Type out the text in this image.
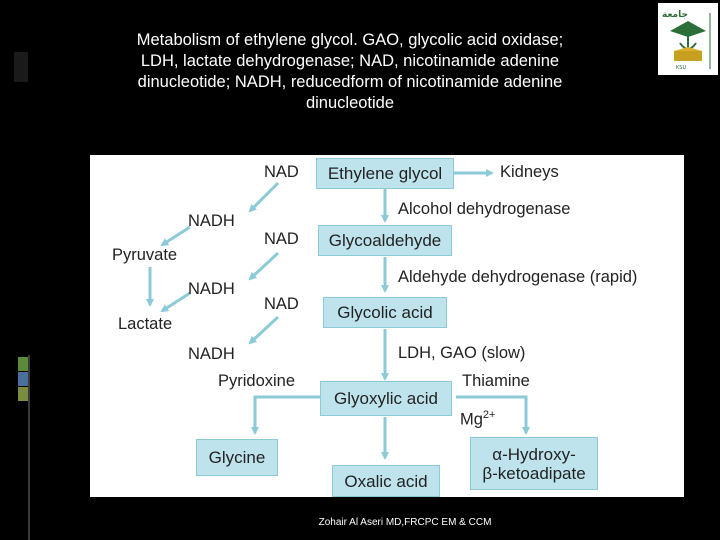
Metabolism of ethylene glycol. GAO, glycolic acid oxidase;
LDH, lactate dehydrogenase; NAD, nicotinamide adenine
dinucleotide; NADH, reducedform of nicotinamide adenine
dinucleotide
جامعة
KSU
Ethylene glycol
Glycoaldehyde
Glycolic acid
Glyoxylic acid
Glycine
Oxalic acid
α-Hydroxy-
β-ketoadipate
Kidneys
Alcohol dehydrogenase
Aldehyde dehydrogenase (rapid)
LDH, GAO (slow)
Thiamine
$Mg^{2+}$
Pyridoxine
Pyruvate
Lactate
NAD
NAD
NAD
NADH
NADH
NADH
Zohair Al Aseri MD,FRCPC EM & CCM
